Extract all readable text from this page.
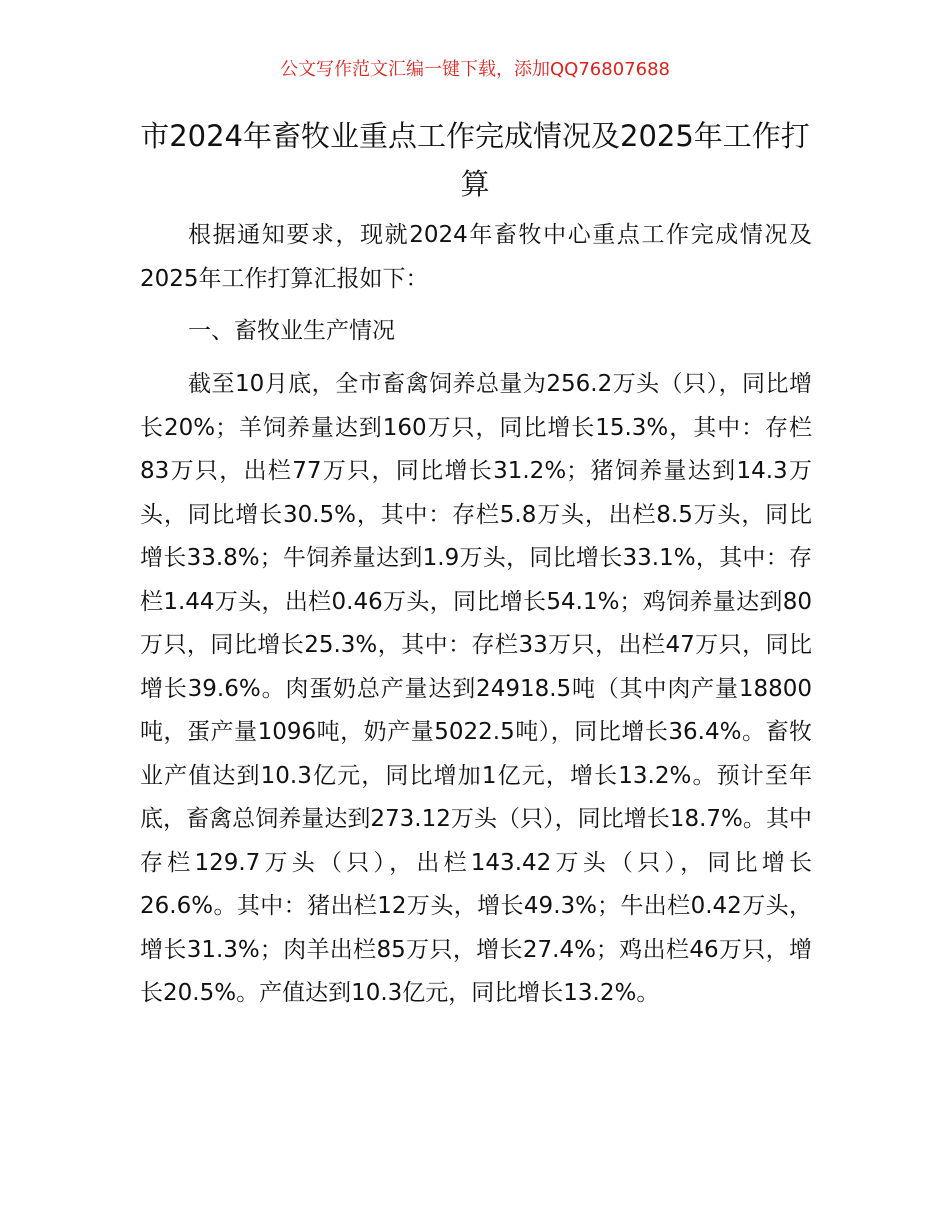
公文写作范文汇编一键下载，添加QQ76807688
市2024年畜牧业重点工作完成情况及2025年工作打算

根据通知要求，现就2024年畜牧中心重点工作完成情况及2025年工作打算汇报如下：

一、畜牧业生产情况

截至10月底，全市畜禽饲养总量为256.2万头（只），同比增长20%；羊饲养量达到160万只，同比增长15.3%，其中：存栏83万只，出栏77万只，同比增长31.2%；猪饲养量达到14.3万头，同比增长30.5%，其中：存栏5.8万头，出栏8.5万头，同比增长33.8%；牛饲养量达到1.9万头，同比增长33.1%，其中：存栏1.44万头，出栏0.46万头，同比增长54.1%；鸡饲养量达到80万只，同比增长25.3%，其中：存栏33万只，出栏47万只，同比增长39.6%。肉蛋奶总产量达到24918.5吨（其中肉产量18800吨，蛋产量1096吨，奶产量5022.5吨），同比增长36.4%。畜牧业产值达到10.3亿元，同比增加1亿元，增长13.2%。预计至年底，畜禽总饲养量达到273.12万头（只），同比增长18.7%。其中存栏129.7万头（只），出栏143.42万头（只），同比增长26.6%。其中：猪出栏12万头，增长49.3%；牛出栏0.42万头，增长31.3%；肉羊出栏85万只，增长27.4%；鸡出栏46万只，增长20.5%。产值达到10.3亿元，同比增长13.2%。
